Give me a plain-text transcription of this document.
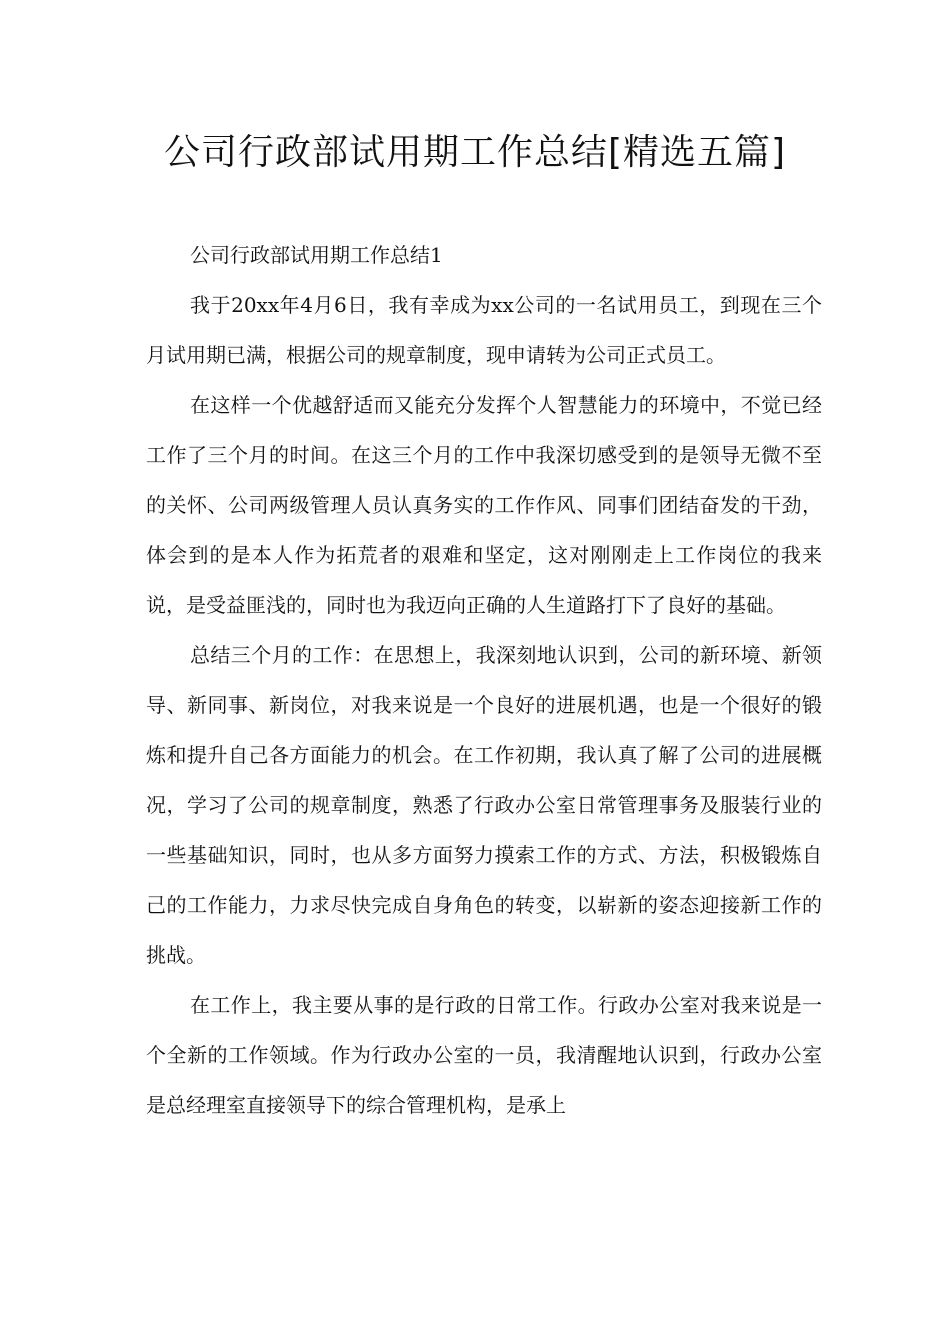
公司行政部试用期工作总结[精选五篇]

公司行政部试用期工作总结1

我于20xx年4月6日，我有幸成为xx公司的一名试用员工，到现在三个月试用期已满，根据公司的规章制度，现申请转为公司正式员工。

在这样一个优越舒适而又能充分发挥个人智慧能力的环境中，不觉已经工作了三个月的时间。在这三个月的工作中我深切感受到的是领导无微不至的关怀、公司两级管理人员认真务实的工作作风、同事们团结奋发的干劲，体会到的是本人作为拓荒者的艰难和坚定，这对刚刚走上工作岗位的我来说，是受益匪浅的，同时也为我迈向正确的人生道路打下了良好的基础。

总结三个月的工作：在思想上，我深刻地认识到，公司的新环境、新领导、新同事、新岗位，对我来说是一个良好的进展机遇，也是一个很好的锻炼和提升自己各方面能力的机会。在工作初期，我认真了解了公司的进展概况，学习了公司的规章制度，熟悉了行政办公室日常管理事务及服装行业的一些基础知识，同时，也从多方面努力摸索工作的方式、方法，积极锻炼自己的工作能力，力求尽快完成自身角色的转变，以崭新的姿态迎接新工作的挑战。

在工作上，我主要从事的是行政的日常工作。行政办公室对我来说是一个全新的工作领域。作为行政办公室的一员，我清醒地认识到，行政办公室是总经理室直接领导下的综合管理机构，是承上
